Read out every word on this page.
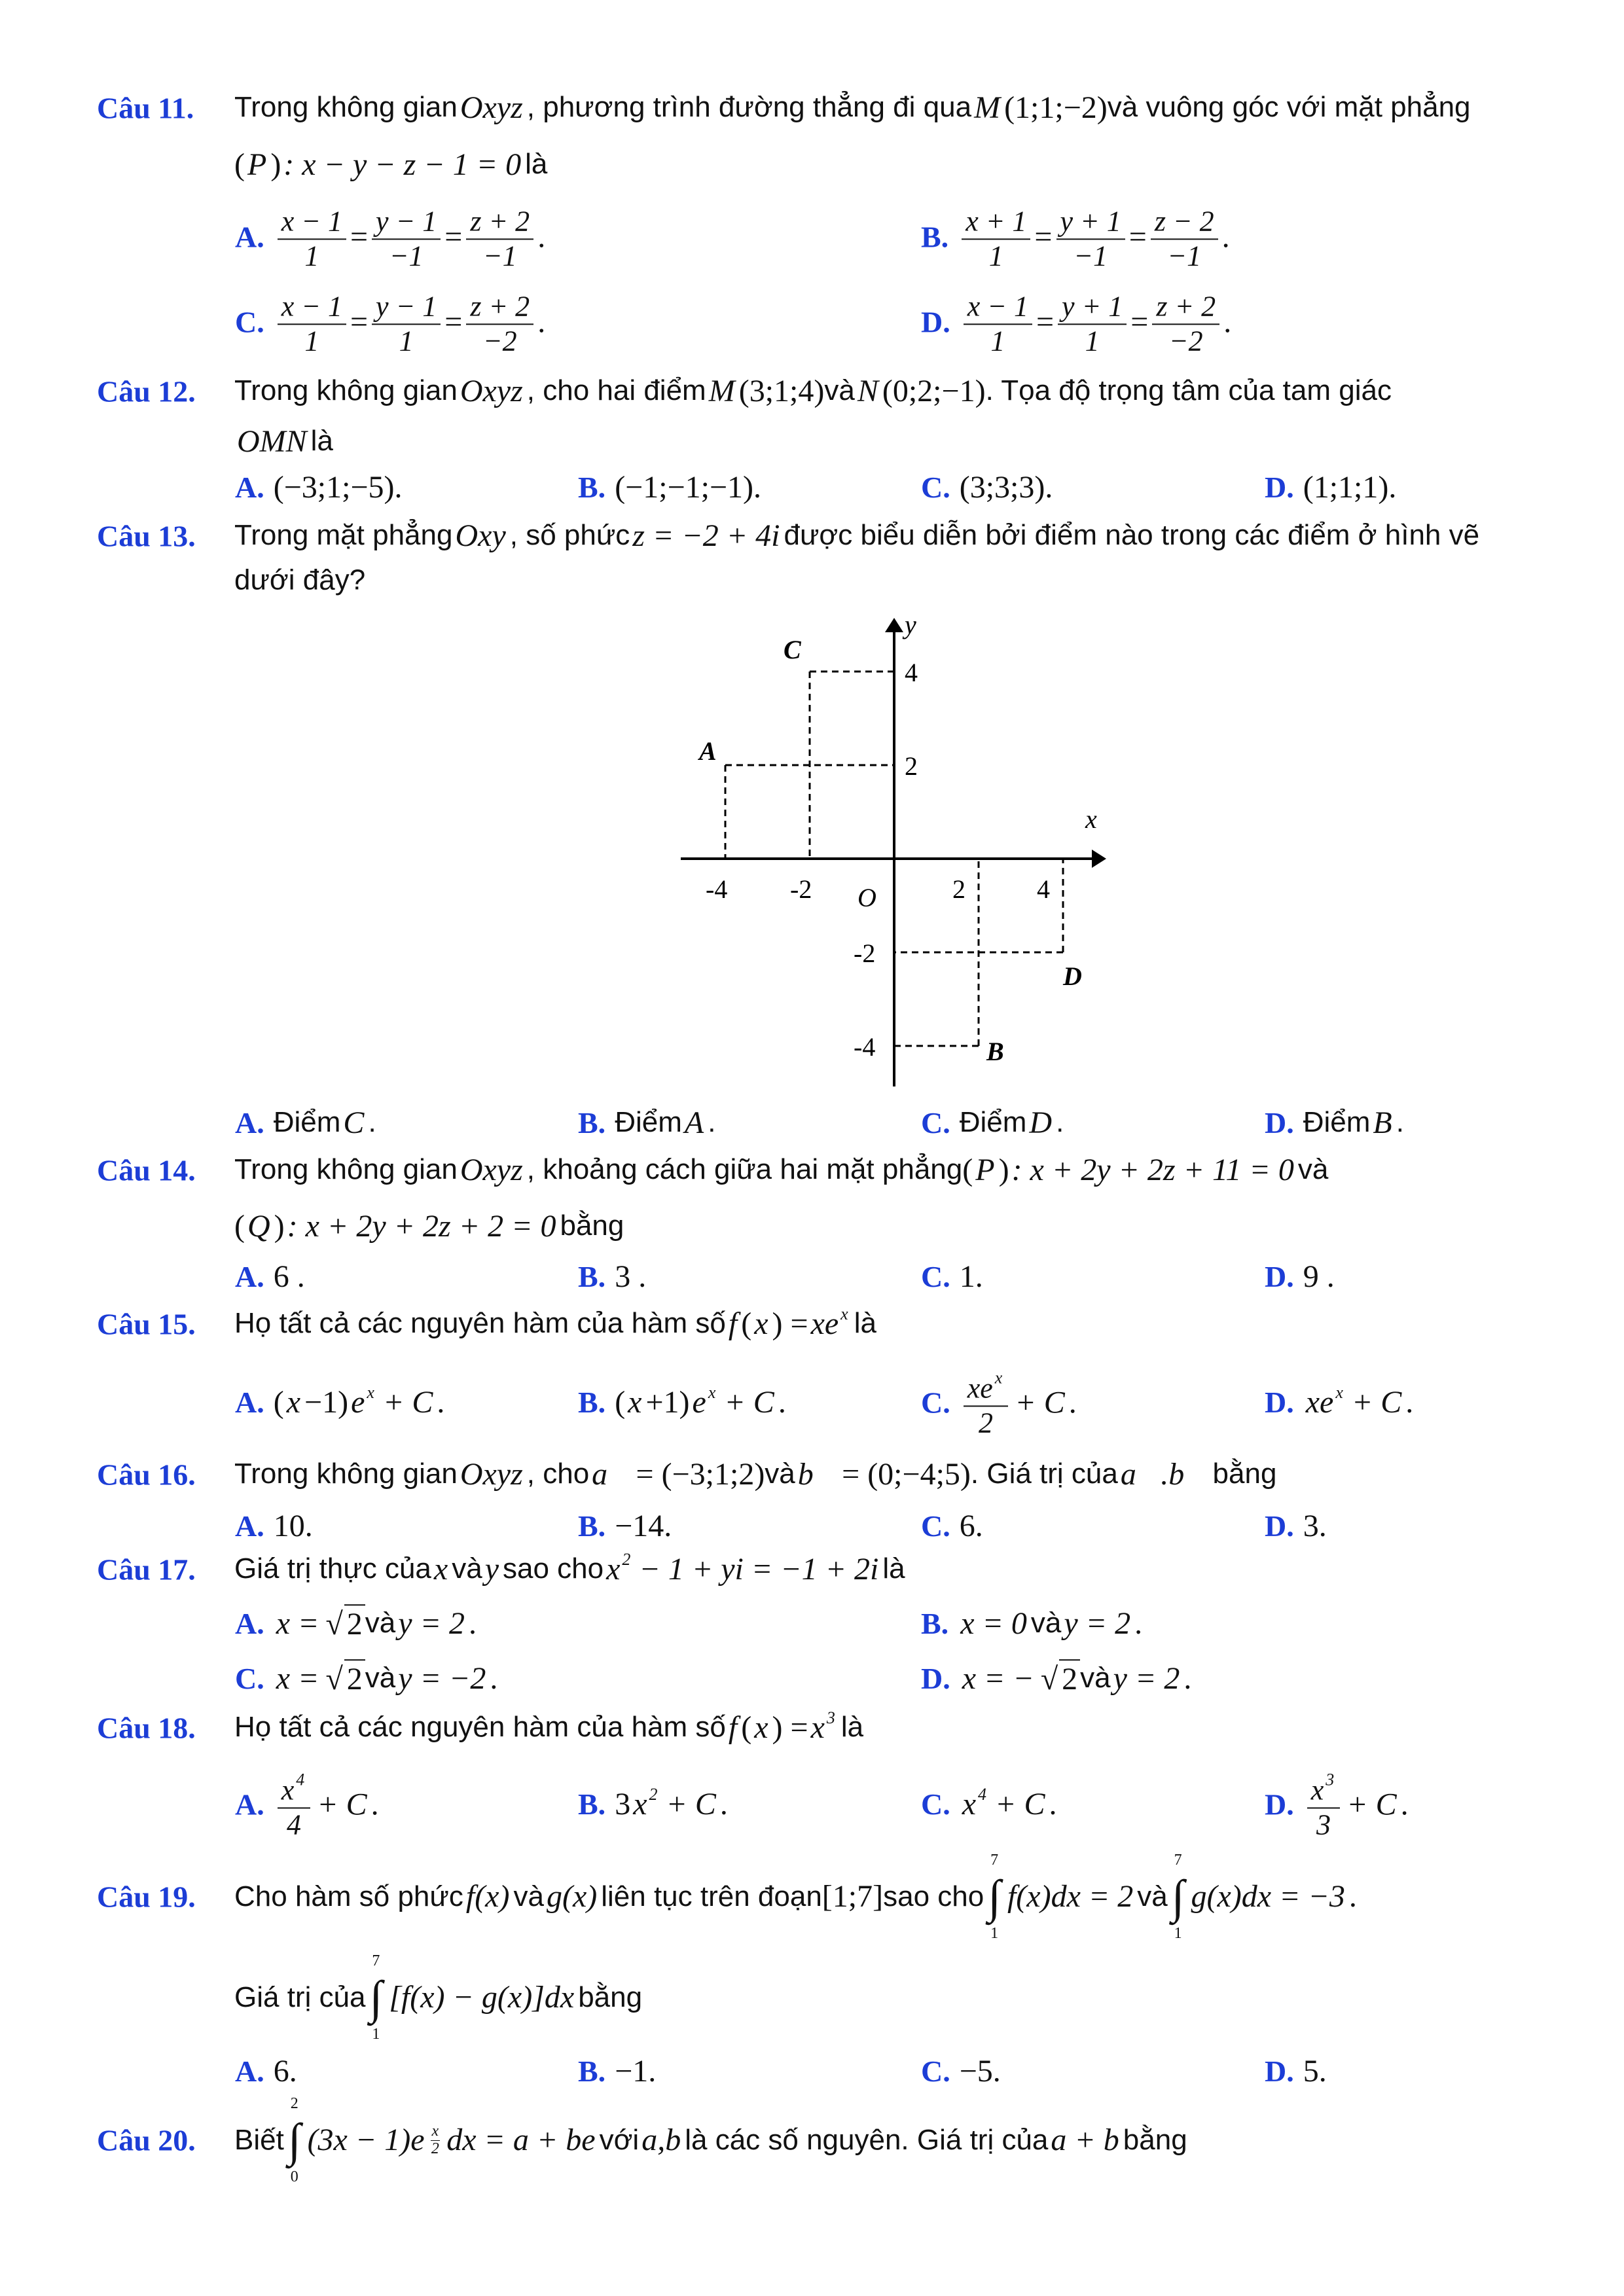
Câu 11. Trong không gian Oxyz , phương trình đường thẳng đi qua M (1;1;−2) và vuông góc với mặt phẳng
( P ) : x − y − z − 1 = 0 là
A. $\frac{x - 1}{1} = \frac{y - 1}{-1} = \frac{z + 2}{-1}$ .	B. $\frac{x + 1}{1} = \frac{y + 1}{-1} = \frac{z - 2}{-1}$ .
C. $\frac{x - 1}{1} = \frac{y - 1}{1} = \frac{z + 2}{-2}$ .	D. $\frac{x - 1}{1} = \frac{y + 1}{1} = \frac{z + 2}{-2}$ .
Câu 12. Trong không gian Oxyz , cho hai điểm M (3;1;4) và N (0;2;−1) . Tọa độ trọng tâm của tam giác
OMN là
A. (−3;1;−5).	B. (−1;−1;−1).	C. (3;3;3).	D. (1;1;1).
Câu 13. Trong mặt phẳng Oxy , số phức z = −2 + 4i được biểu diễn bởi điểm nào trong các điểm ở hình vẽ
dưới đây?
A. Điểm C .	B. Điểm A .	C. Điểm D .	D. Điểm B .
Câu 14. Trong không gian Oxyz , khoảng cách giữa hai mặt phẳng ( P ) : x + 2y + 2z + 11 = 0 và
( Q ) : x + 2y + 2z + 2 = 0 bằng
A. 6 .	B. 3 .	C. 1.	D. 9 .
Câu 15. Họ tất cả các nguyên hàm của hàm số f ( x ) = xe $^x$ là
A. ( x −1) e $^x$ + C .	B. ( x +1) e $^x$ + C .	C. $\frac{xe ^x}{2} + C$ .	D. xe $^x$ + C .
Câu 16. Trong không gian Oxyz , cho a⃗ = (−3;1;2) và b⃗ = (0;−4;5) . Giá trị của a⃗.b⃗ bằng
A. 10.	B. −14.	C. 6.	D. 3.
Câu 17. Giá trị thực của x và y sao cho x $^2$ − 1 + yi = −1 + 2i là
A. x = √ 2 và y = 2 .	B. x = 0 và y = 2 .
C. x = √ 2 và y = −2 .	D. x = − √ 2 và y = 2 .
Câu 18. Họ tất cả các nguyên hàm của hàm số f ( x ) = x $^3$ là
A. $\frac{x ^4}{4} + C$ .	B. 3 x $^2$ + C .	C. x $^4$ + C .	D. $\frac{x ^3}{3} + C$ .
Câu 19. Cho hàm số phức f(x) và g(x) liên tục trên đoạn [1;7] sao cho
7
∫
1
f(x)dx = 2 và
7
∫
1
g(x)dx = −3 .
Giá trị của
7
∫
1
[f(x) − g(x)]dx bằng
A. 6.	B. −1.	C. −5.	D. 5.
Câu 20. Biết
2
∫
0
$(3x - 1)e \frac{x}{2}$ dx = a + be với a,b là các số nguyên. Giá trị của a + b bằng
x
y
O
-4 -2	2	4
4
2
-2
-4
A
B
C
D
